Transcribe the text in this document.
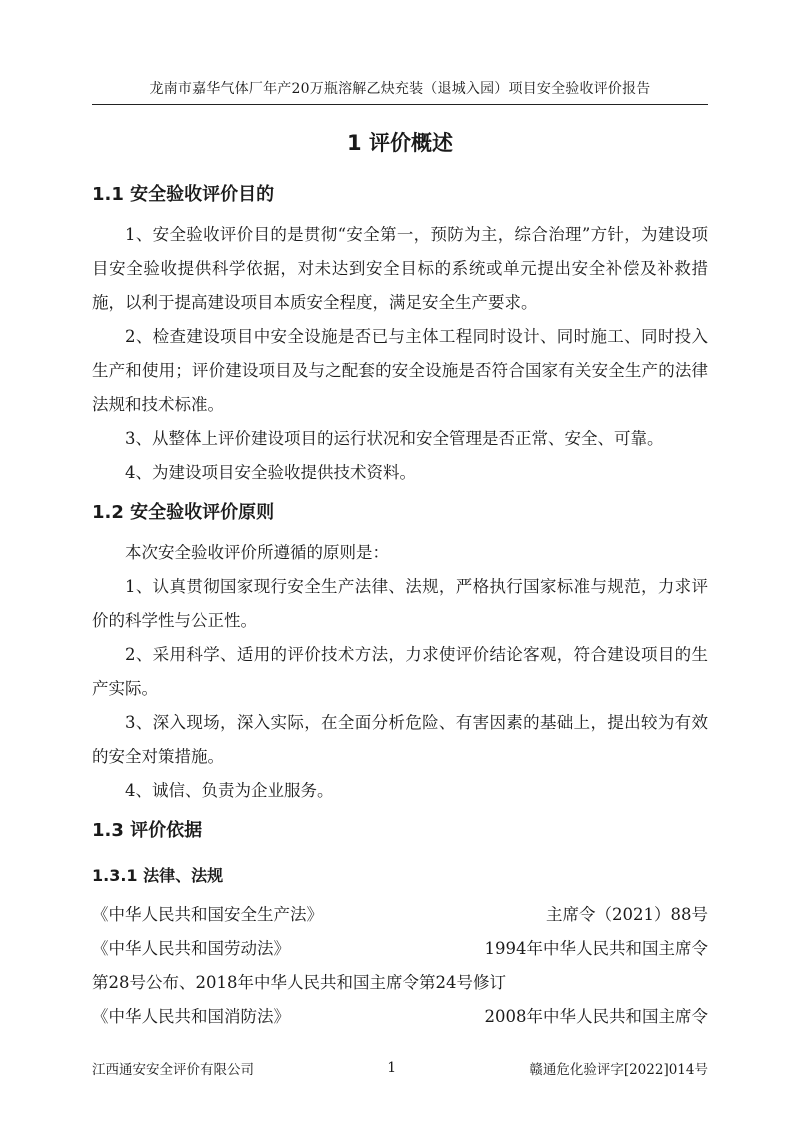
龙南市嘉华气体厂年产20万瓶溶解乙炔充装（退城入园）项目安全验收评价报告
1 评价概述
1.1 安全验收评价目的

1、安全验收评价目的是贯彻“安全第一，预防为主，综合治理”方针，为建设项目安全验收提供科学依据，对未达到安全目标的系统或单元提出安全补偿及补救措施，以利于提高建设项目本质安全程度，满足安全生产要求。

2、检查建设项目中安全设施是否已与主体工程同时设计、同时施工、同时投入生产和使用；评价建设项目及与之配套的安全设施是否符合国家有关安全生产的法律法规和技术标准。

3、从整体上评价建设项目的运行状况和安全管理是否正常、安全、可靠。

4、为建设项目安全验收提供技术资料。

1.2 安全验收评价原则

本次安全验收评价所遵循的原则是：

1、认真贯彻国家现行安全生产法律、法规，严格执行国家标准与规范，力求评价的科学性与公正性。

2、采用科学、适用的评价技术方法，力求使评价结论客观，符合建设项目的生产实际。

3、深入现场，深入实际，在全面分析危险、有害因素的基础上，提出较为有效的安全对策措施。

4、诚信、负责为企业服务。

1.3 评价依据
1.3.1 法律、法规
《中华人民共和国安全生产法》	主席令（2021）88号
《中华人民共和国劳动法》	1994年中华人民共和国主席令
第28号公布、2018年中华人民共和国主席令第24号修订
《中华人民共和国消防法》	2008年中华人民共和国主席令
江西通安安全评价有限公司	1	赣通危化验评字[2022]014号
